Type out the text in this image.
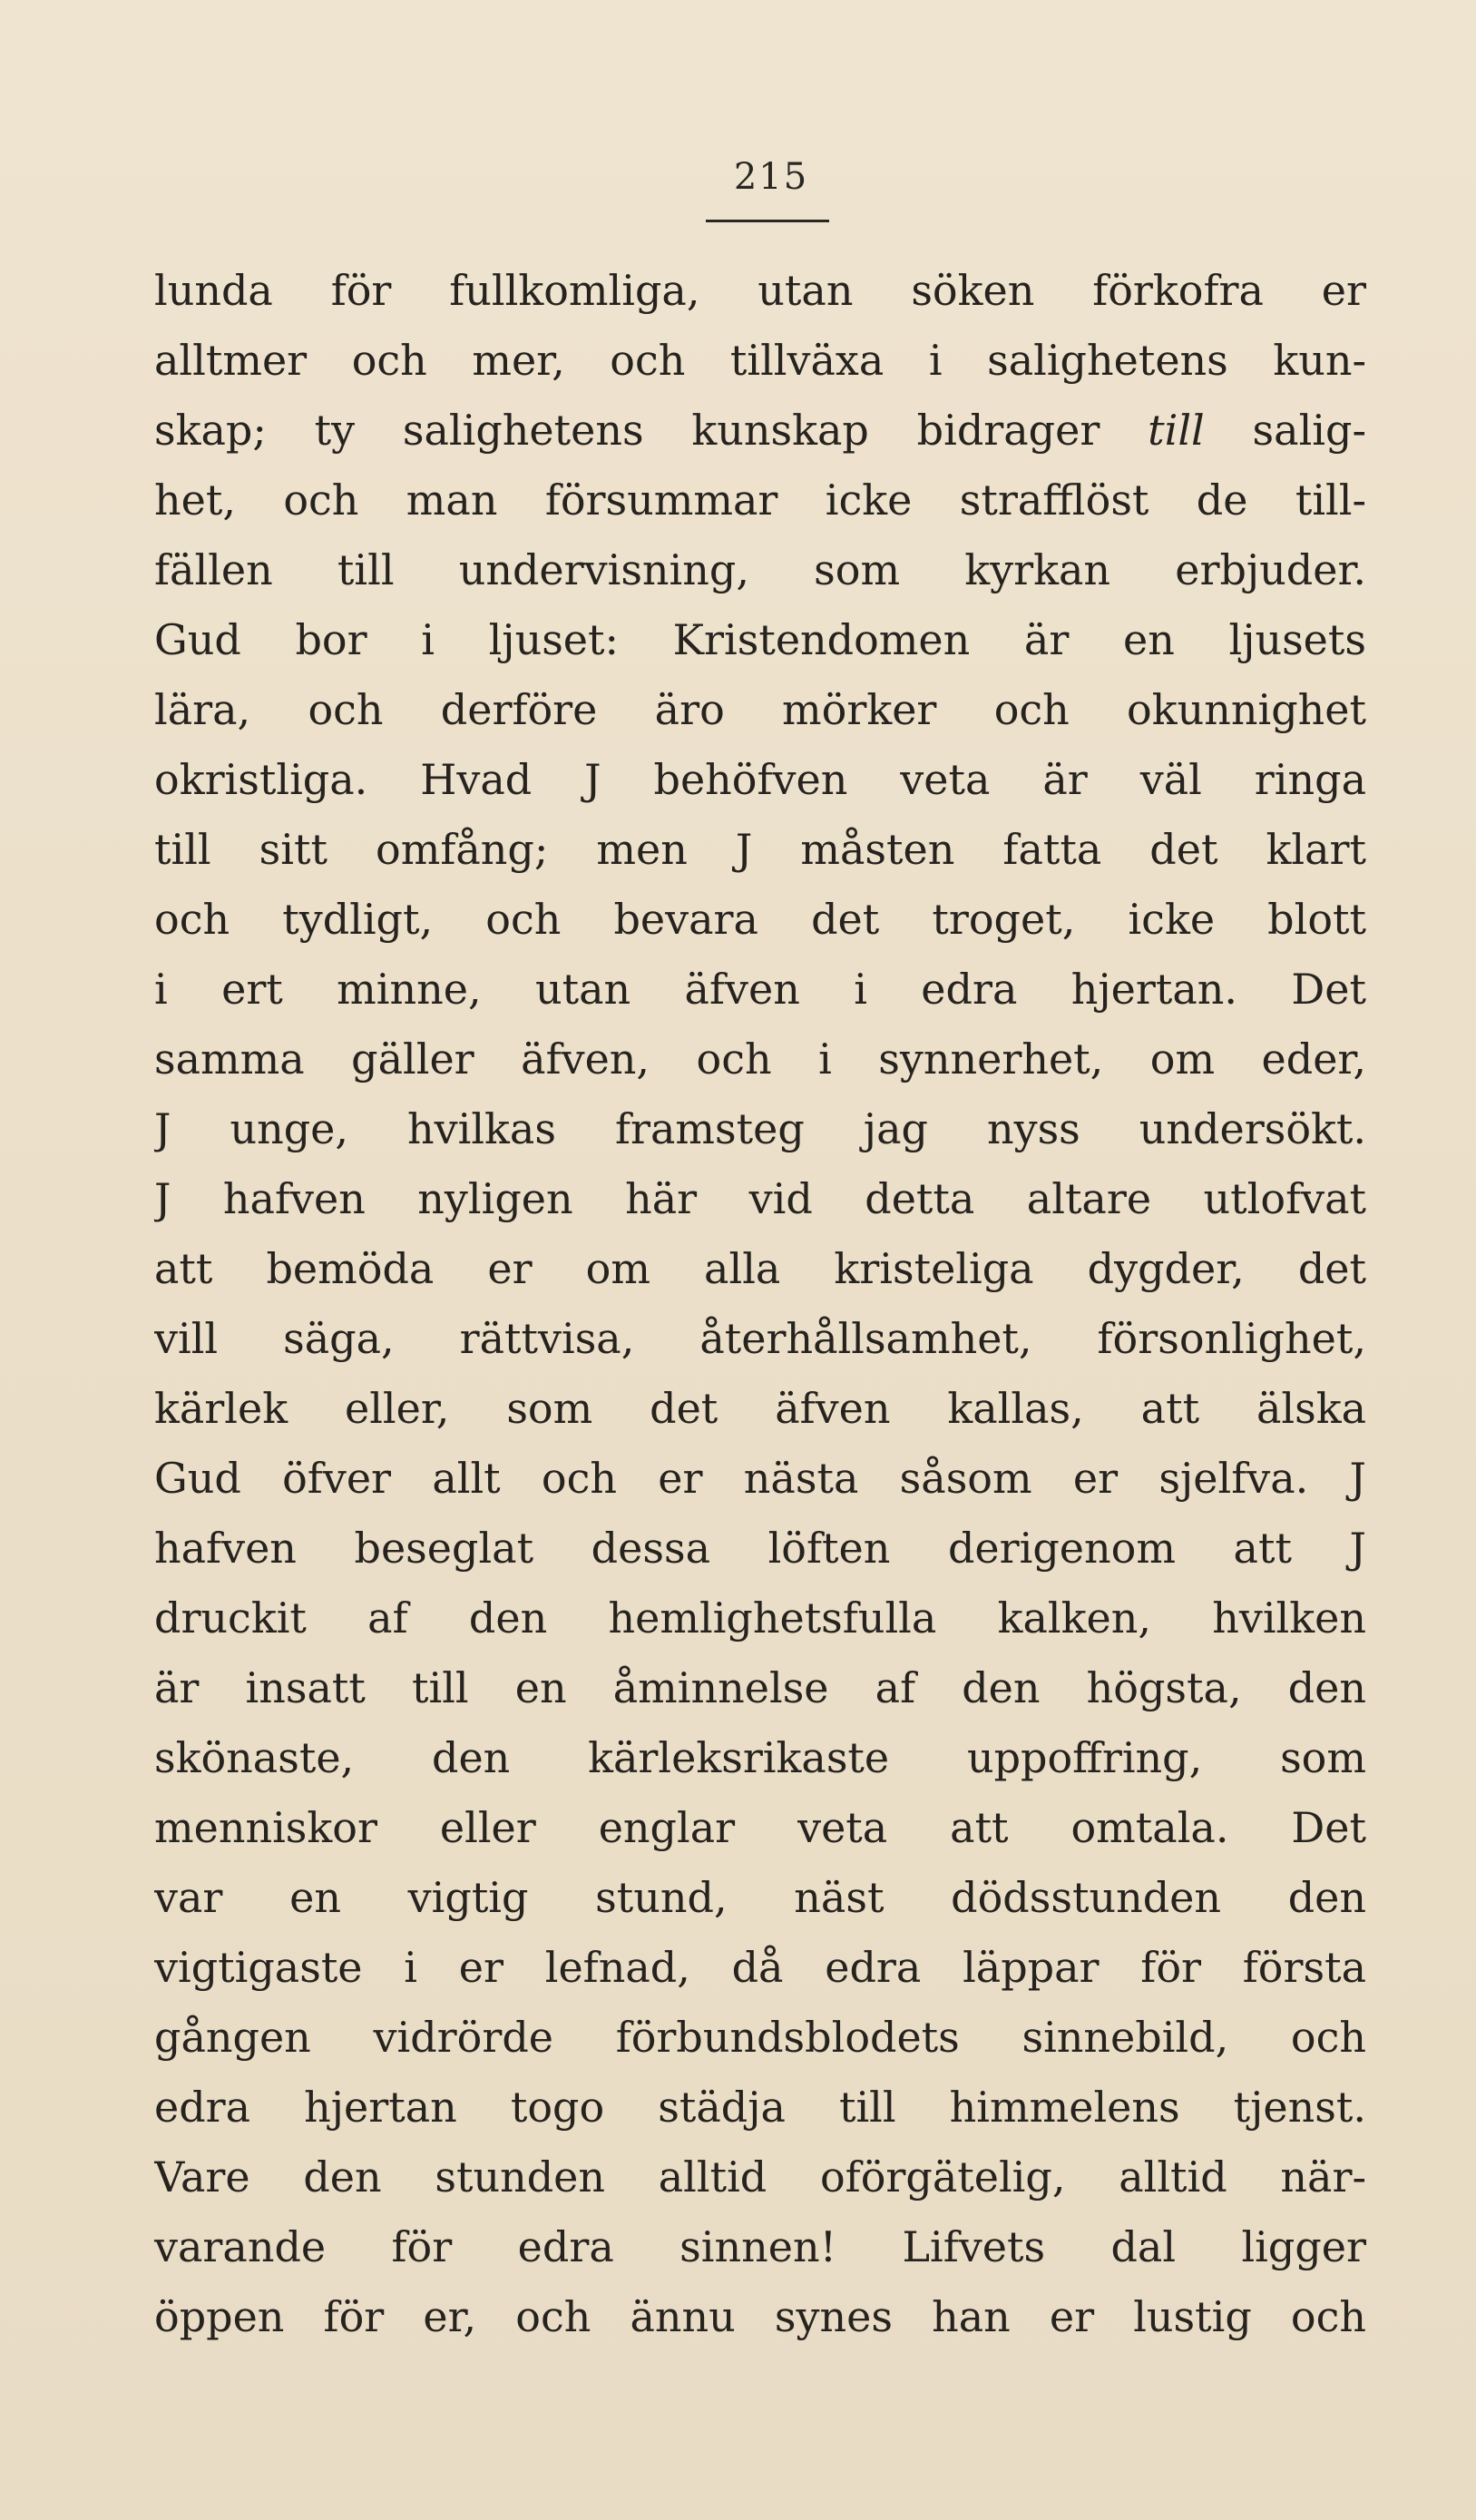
215
lunda för fullkomliga, utan söken förkofra er
alltmer och mer, och tillväxa i salighetens kun-
skap; ty salighetens kunskap bidrager till salig-
het, och man försummar icke strafflöst de till-
fällen till undervisning, som kyrkan erbjuder.
Gud bor i ljuset: Kristendomen är en ljusets
lära, och derföre äro mörker och okunnighet
okristliga. Hvad J behöfven veta är väl ringa
till sitt omfång; men J måsten fatta det klart
och tydligt, och bevara det troget, icke blott
i ert minne, utan äfven i edra hjertan. Det
samma gäller äfven, och i synnerhet, om eder,
J unge, hvilkas framsteg jag nyss undersökt.
J hafven nyligen här vid detta altare utlofvat
att bemöda er om alla kristeliga dygder, det
vill säga, rättvisa, återhållsamhet, försonlighet,
kärlek eller, som det äfven kallas, att älska
Gud öfver allt och er nästa såsom er sjelfva. J
hafven beseglat dessa löften derigenom att J
druckit af den hemlighetsfulla kalken, hvilken
är insatt till en åminnelse af den högsta, den
skönaste, den kärleksrikaste uppoffring, som
menniskor eller englar veta att omtala. Det
var en vigtig stund, näst dödsstunden den
vigtigaste i er lefnad, då edra läppar för första
gången vidrörde förbundsblodets sinnebild, och
edra hjertan togo städja till himmelens tjenst.
Vare den stunden alltid oförgätelig, alltid när-
varande för edra sinnen! Lifvets dal ligger
öppen för er, och ännu synes han er lustig och
